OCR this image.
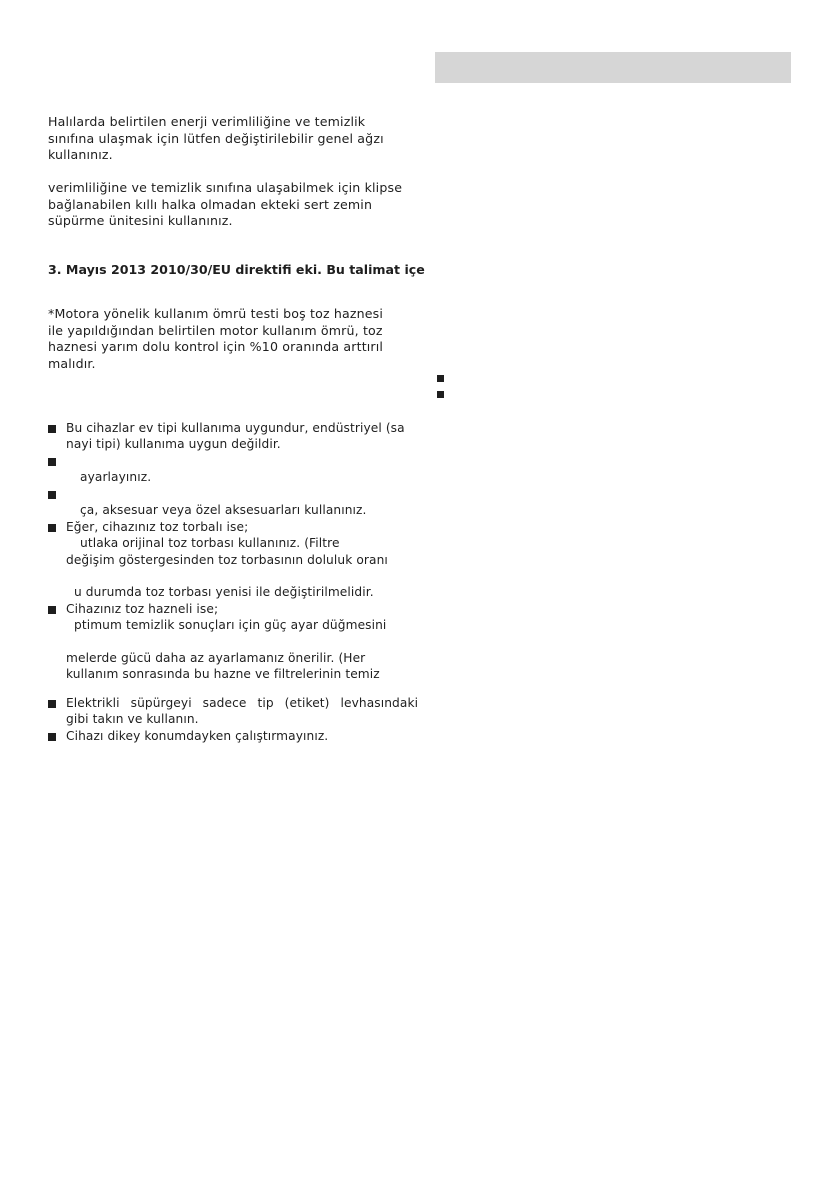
Halılarda belirtilen enerji verimliliğine ve temizlik
sınıfına ulaşmak için lütfen değiştirilebilir genel ağzı
kullanınız.

verimliliğine ve temizlik sınıfına ulaşabilmek için klipse
bağlanabilen kıllı halka olmadan ekteki sert zemin
süpürme ünitesini kullanınız.

3. Mayıs 2013 2010/30/EU direktifi eki. Bu talimat içe

*Motora yönelik kullanım ömrü testi boş toz haznesi
ile yapıldığından belirtilen motor kullanım ömrü, toz
haznesi yarım dolu kontrol için %10 oranında arttırıl
malıdır.

Bu cihazlar ev tipi kullanıma uygundur, endüstriyel (sa
nayi tipi) kullanıma uygun değildir.
ayarlayınız.
ça, aksesuar veya özel aksesuarları kullanınız.
Eğer, cihazınız toz torbalı ise;
utlaka orijinal toz torbası kullanınız. (Filtre
değişim göstergesinden toz torbasının doluluk oranı
u durumda toz torbası yenisi ile değiştirilmelidir.
Cihazınız toz hazneli ise;
ptimum temizlik sonuçları için güç ayar düğmesini
melerde gücü daha az ayarlamanız önerilir. (Her
kullanım sonrasında bu hazne ve filtrelerinin temiz
Elektrikli süpürgeyi sadece tip (etiket) levhasındaki
gibi takın ve kullanın.
Cihazı dikey konumdayken çalıştırmayınız.
